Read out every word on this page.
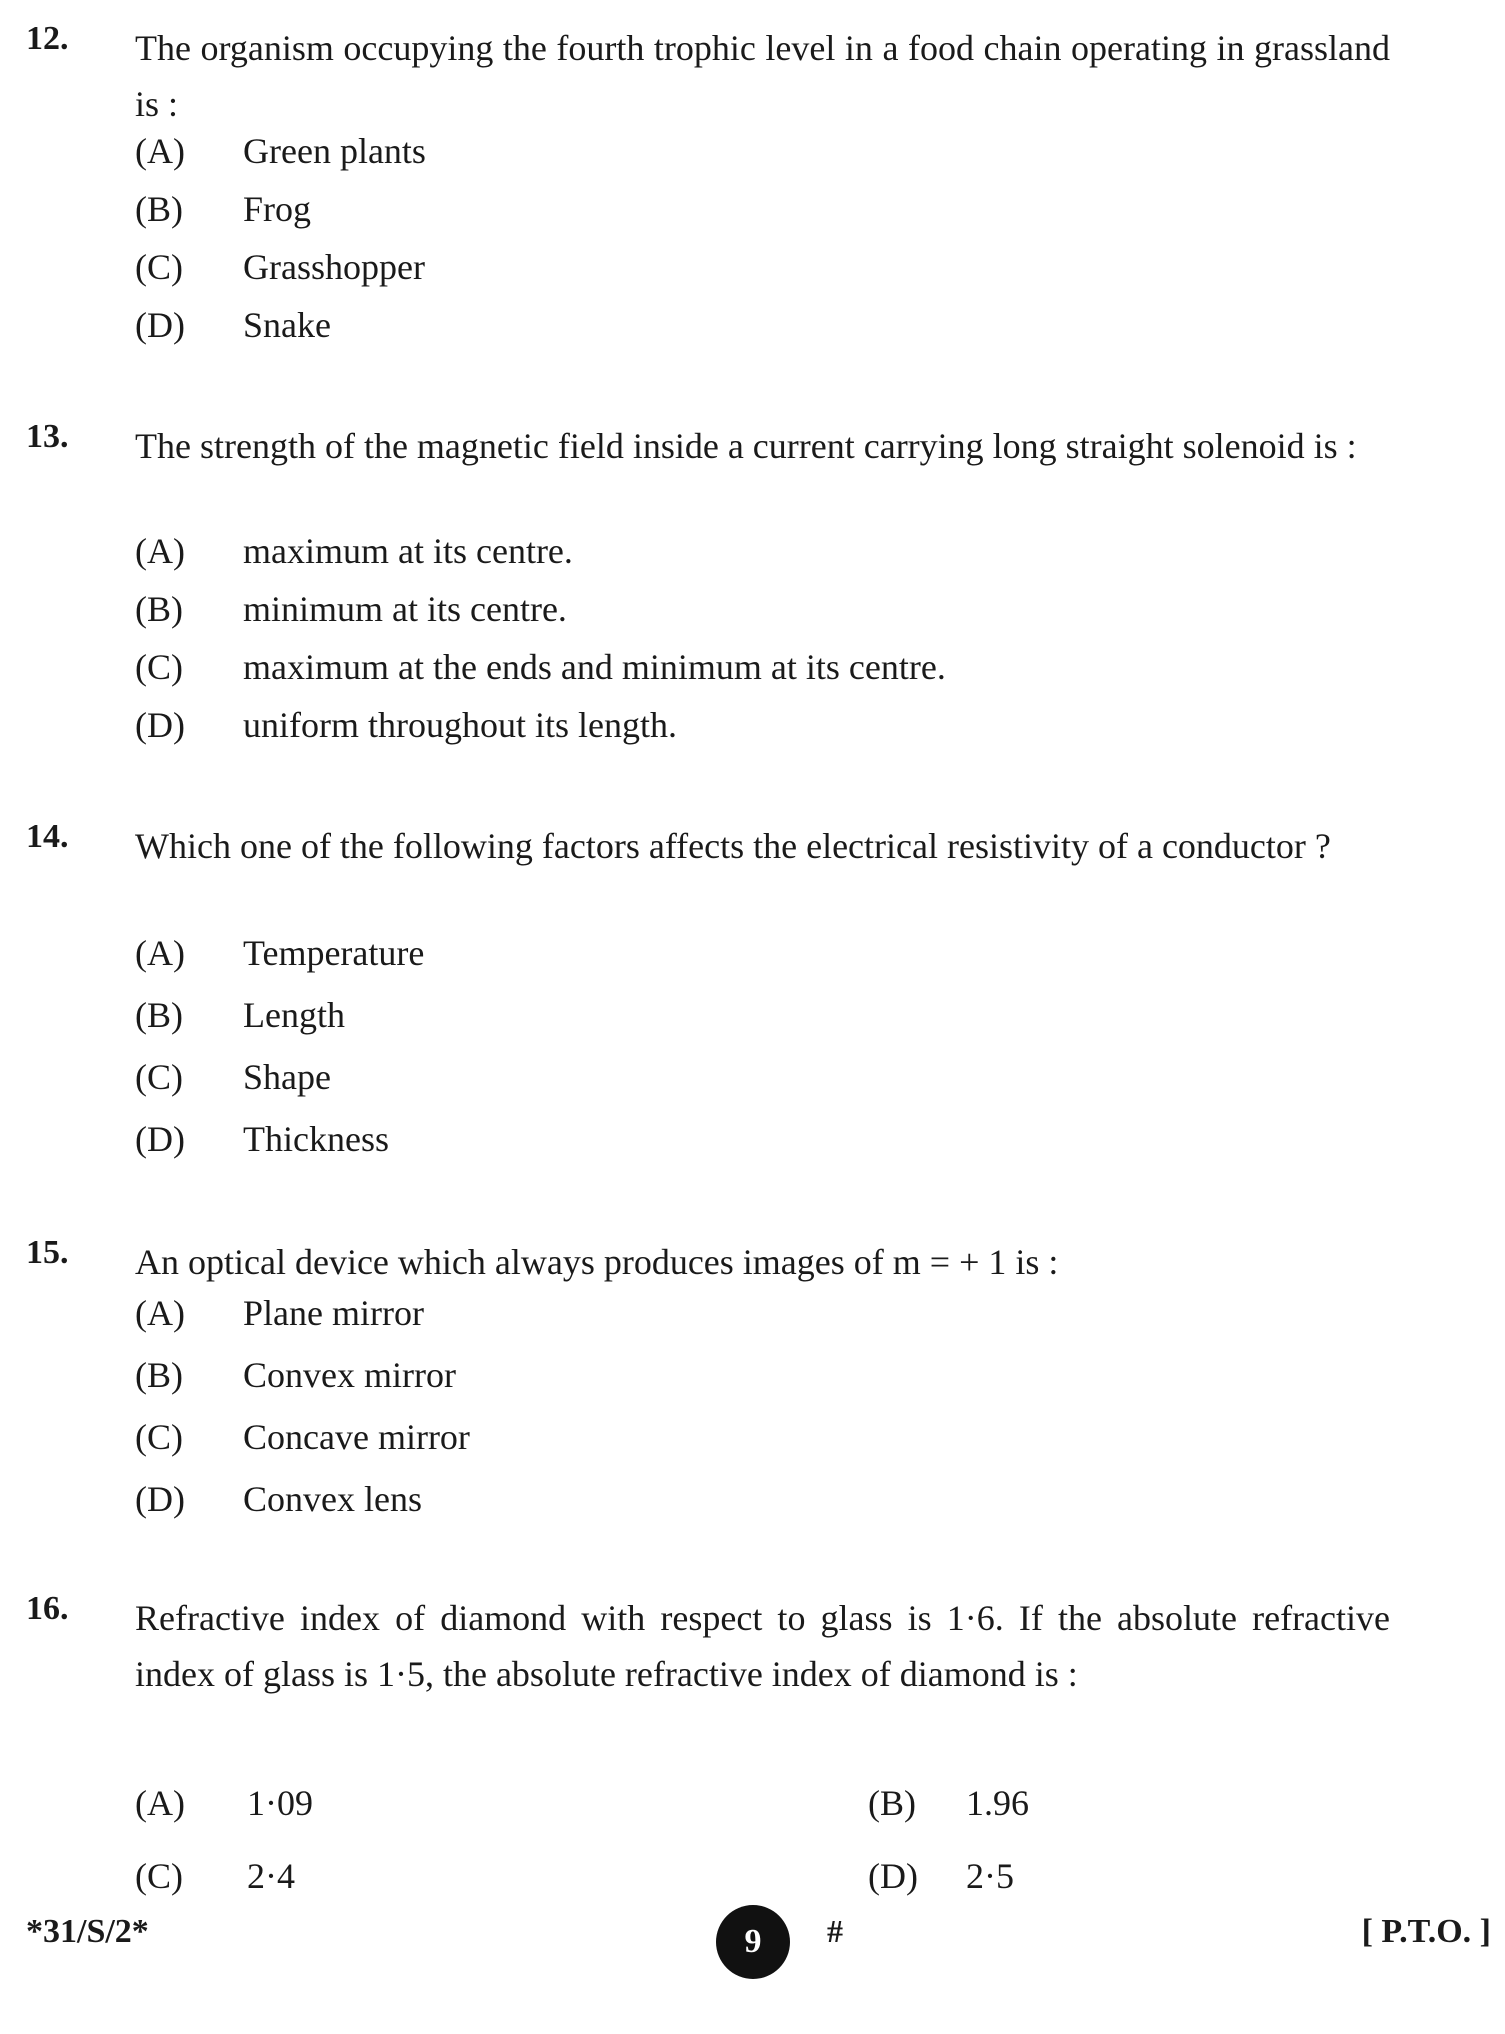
12. The organism occupying the fourth trophic level in a food chain operating in grassland is :
(A)	Green plants
(B)	Frog
(C)	Grasshopper
(D)	Snake
13. The strength of the magnetic field inside a current carrying long straight solenoid is :
(A)	maximum at its centre.
(B)	minimum at its centre.
(C)	maximum at the ends and minimum at its centre.
(D)	uniform throughout its length.
14. Which one of the following factors affects the electrical resistivity of a conductor ?
(A)	Temperature
(B)	Length
(C)	Shape
(D)	Thickness
15. An optical device which always produces images of m = + 1 is :
(A)	Plane mirror
(B)	Convex mirror
(C)	Concave mirror
(D)	Convex lens
16. Refractive index of diamond with respect to glass is 1·6. If the absolute refractive index of glass is 1·5, the absolute refractive index of diamond is :
(A)	1·09	(B)	1.96
(C)	2·4	(D)	2·5
*31/S/2*	9	#	[ P.T.O. ]
